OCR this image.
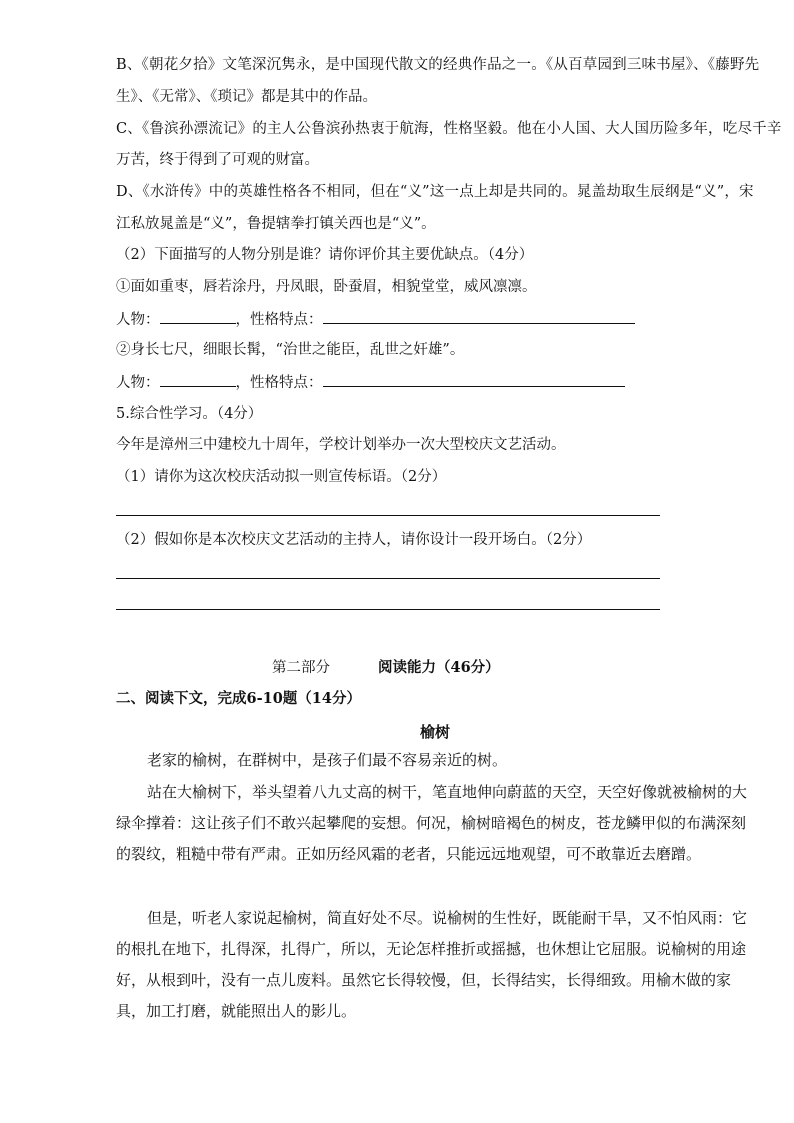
B、《朝花夕拾》文笔深沉隽永，是中国现代散文的经典作品之一。《从百草园到三味书屋》、《藤野先
生》、《无常》、《琐记》都是其中的作品。
C、《鲁滨孙漂流记》的主人公鲁滨孙热衷于航海，性格坚毅。他在小人国、大人国历险多年，吃尽千辛
万苦，终于得到了可观的财富。
D、《水浒传》中的英雄性格各不相同，但在“义”这一点上却是共同的。晁盖劫取生辰纲是“义”，宋
江私放晁盖是“义”，鲁提辖拳打镇关西也是“义”。
（2）下面描写的人物分别是谁？请你评价其主要优缺点。（4分）
①面如重枣，唇若涂丹，丹凤眼，卧蚕眉，相貌堂堂，威风凛凛。
人物：	，性格特点：
②身长七尺，细眼长髯，“治世之能臣，乱世之奸雄”。
人物：	，性格特点：
5.综合性学习。（4分）
今年是漳州三中建校九十周年，学校计划举办一次大型校庆文艺活动。
（1）请你为这次校庆活动拟一则宣传标语。（2分）
（2）假如你是本次校庆文艺活动的主持人，请你设计一段开场白。（2分）
第二部分	阅读能力（46分）
二、阅读下文，完成6-10题（14分）
榆树
老家的榆树，在群树中，是孩子们最不容易亲近的树。
站在大榆树下，举头望着八九丈高的树干，笔直地伸向蔚蓝的天空，天空好像就被榆树的大绿伞撑着：这让孩子们不敢兴起攀爬的妄想。何况，榆树暗褐色的树皮，苍龙鳞甲似的布满深刻的裂纹，粗糙中带有严肃。正如历经风霜的老者，只能远远地观望，可不敢靠近去磨蹭。
但是，听老人家说起榆树，简直好处不尽。说榆树的生性好，既能耐干旱，又不怕风雨：它的根扎在地下，扎得深，扎得广，所以，无论怎样推折或摇撼，也休想让它屈服。说榆树的用途好，从根到叶，没有一点儿废料。虽然它长得较慢，但，长得结实，长得细致。用榆木做的家具，加工打磨，就能照出人的影儿。
